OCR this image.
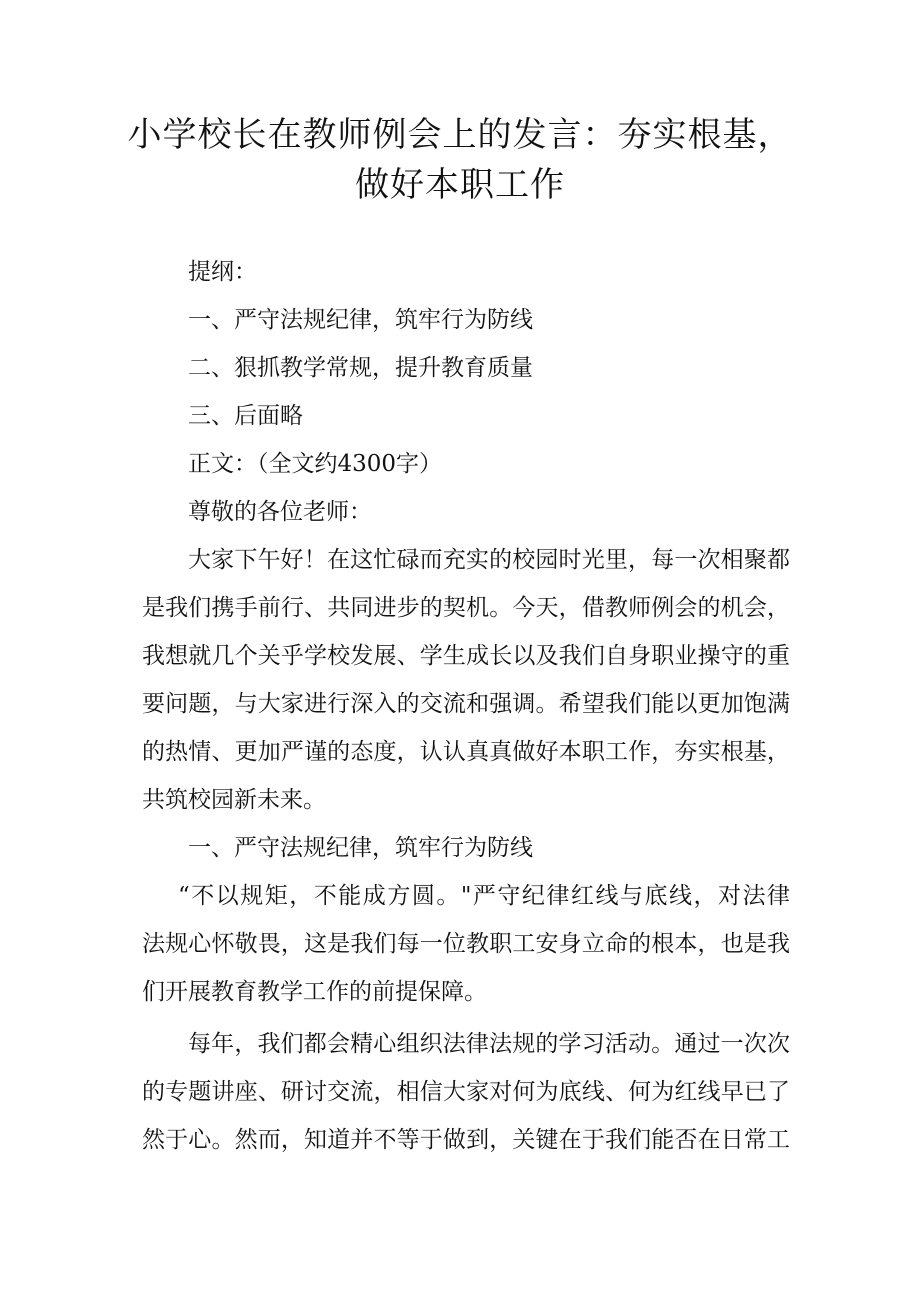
小学校长在教师例会上的发言：夯实根基，
做好本职工作
提纲：
一、严守法规纪律，筑牢行为防线
二、狠抓教学常规，提升教育质量
三、后面略
正文：（全文约4300字）
尊敬的各位老师：
大家下午好！在这忙碌而充实的校园时光里，每一次相聚都
是我们携手前行、共同进步的契机。今天，借教师例会的机会，
我想就几个关乎学校发展、学生成长以及我们自身职业操守的重
要问题，与大家进行深入的交流和强调。希望我们能以更加饱满
的热情、更加严谨的态度，认认真真做好本职工作，夯实根基，
共筑校园新未来。
一、严守法规纪律，筑牢行为防线
“不以规矩，不能成方圆。"严守纪律红线与底线，对法律
法规心怀敬畏，这是我们每一位教职工安身立命的根本，也是我
们开展教育教学工作的前提保障。
每年，我们都会精心组织法律法规的学习活动。通过一次次
的专题讲座、研讨交流，相信大家对何为底线、何为红线早已了
然于心。然而，知道并不等于做到，关键在于我们能否在日常工
